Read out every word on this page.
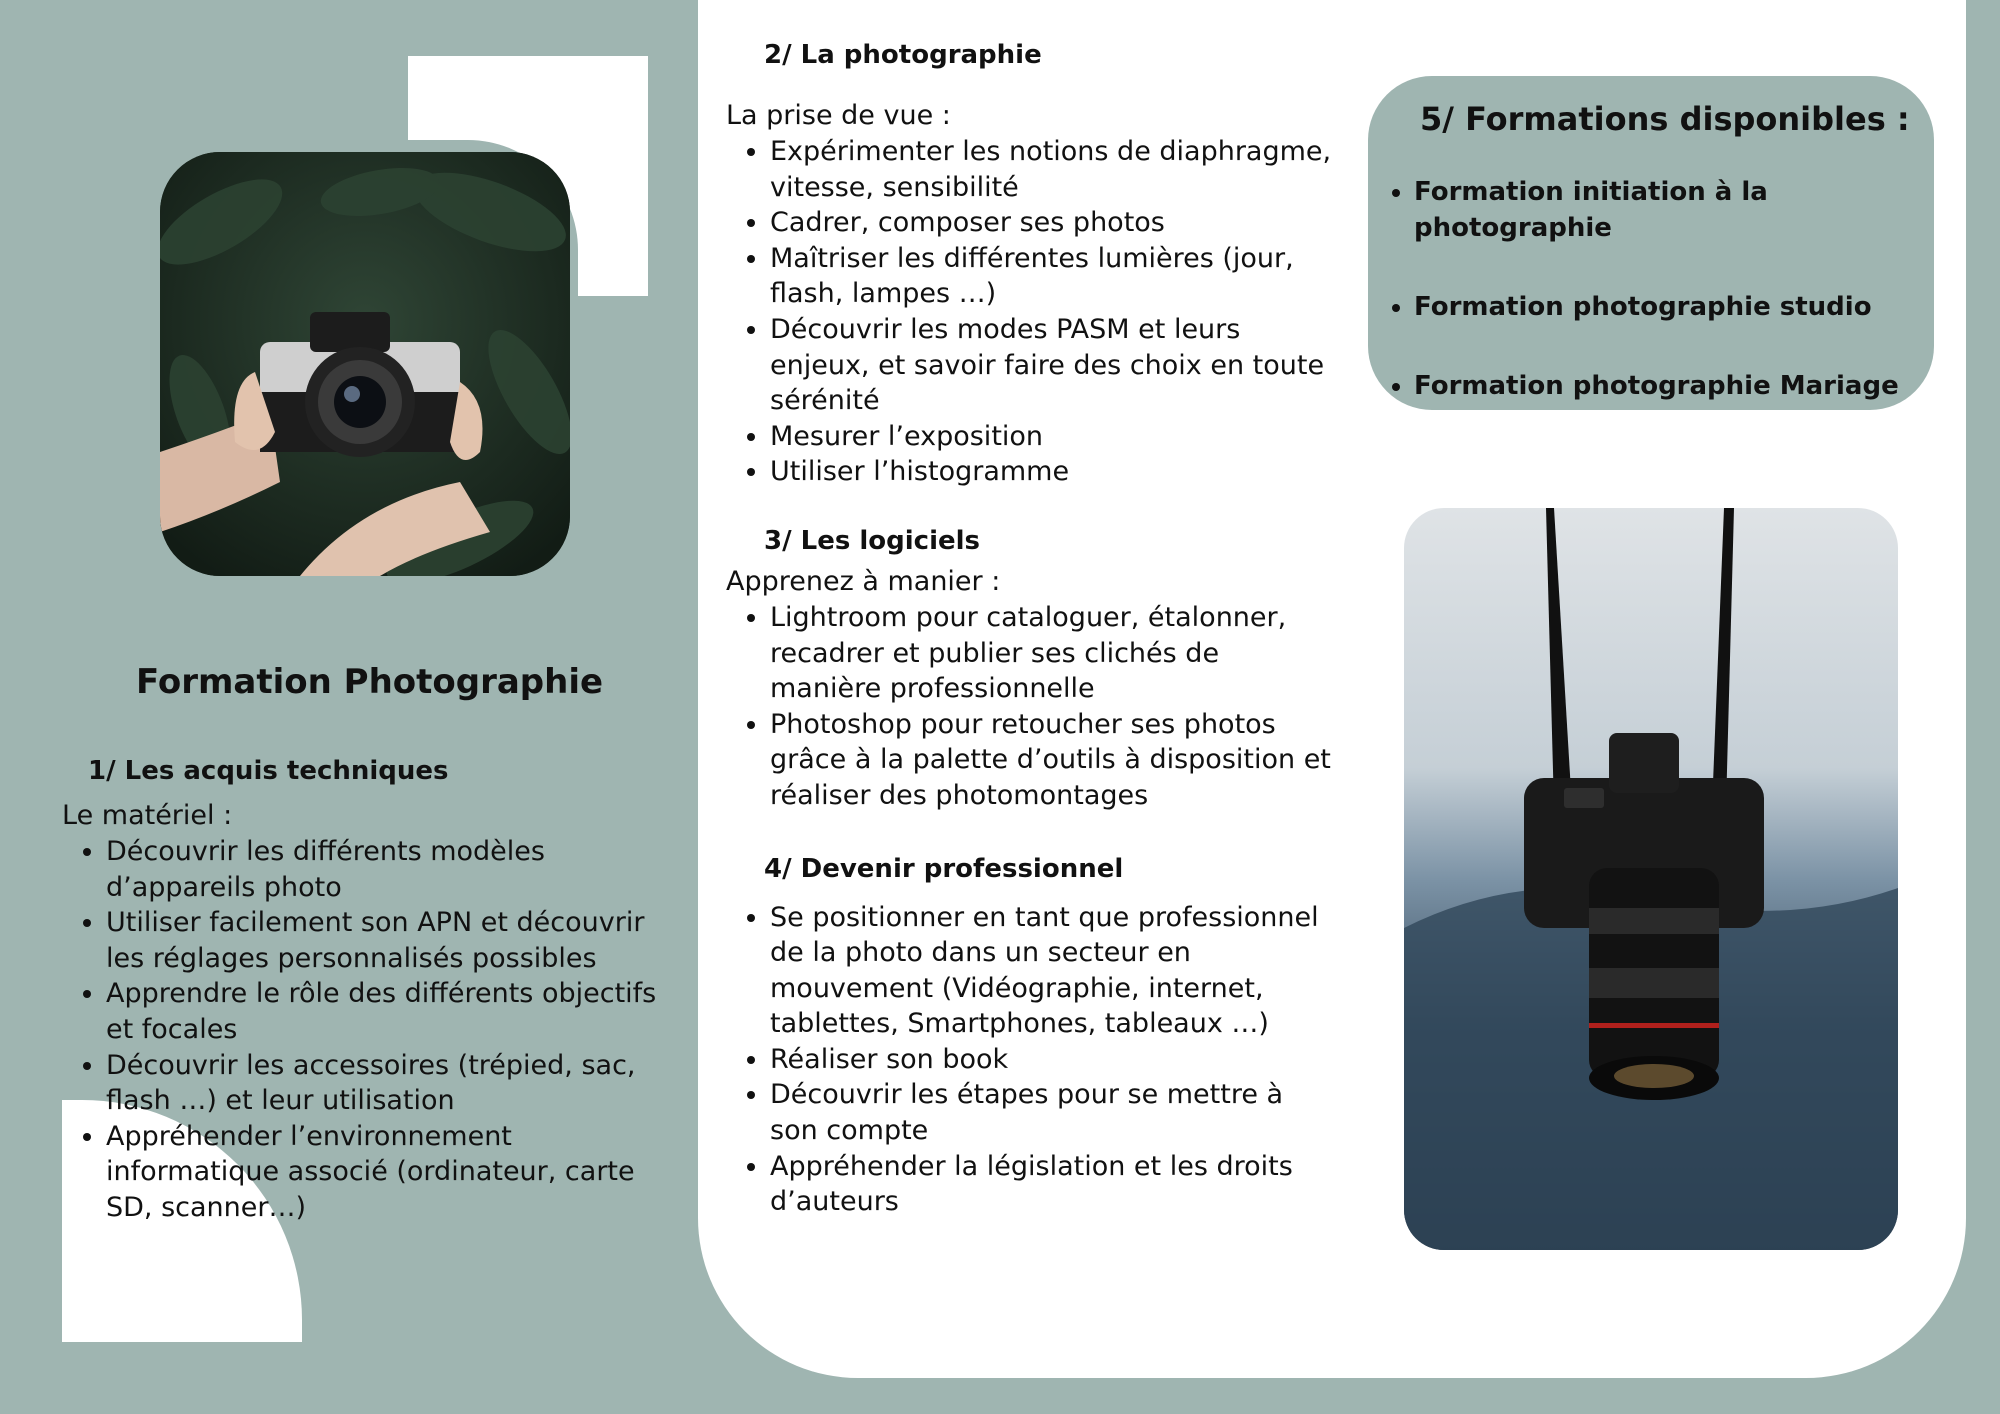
Formation Photographie
1/ Les acquis techniques
Le matériel :
• Découvrir les différents modèles d’appareils photo
• Utiliser facilement son APN et découvrir les réglages personnalisés possibles
• Apprendre le rôle des différents objectifs et focales
• Découvrir les accessoires (trépied, sac, flash …) et leur utilisation
• Appréhender l’environnement informatique associé (ordinateur, carte SD, scanner…)
2/ La photographie
La prise de vue :
• Expérimenter les notions de diaphragme, vitesse, sensibilité
• Cadrer, composer ses photos
• Maîtriser les différentes lumières (jour, flash, lampes …)
• Découvrir les modes PASM et leurs enjeux, et savoir faire des choix en toute sérénité
• Mesurer l’exposition
• Utiliser l’histogramme
3/ Les logiciels
Apprenez à manier :
• Lightroom pour cataloguer, étalonner, recadrer et publier ses clichés de manière professionnelle
• Photoshop pour retoucher ses photos grâce à la palette d’outils à disposition et réaliser des photomontages
4/ Devenir professionnel
• Se positionner en tant que professionnel de la photo dans un secteur en mouvement (Vidéographie, internet, tablettes, Smartphones, tableaux …)
• Réaliser son book
• Découvrir les étapes pour se mettre à son compte
• Appréhender la législation et les droits d’auteurs
5/ Formations disponibles :
• Formation initiation à la photographie
• Formation photographie studio
• Formation photographie Mariage
